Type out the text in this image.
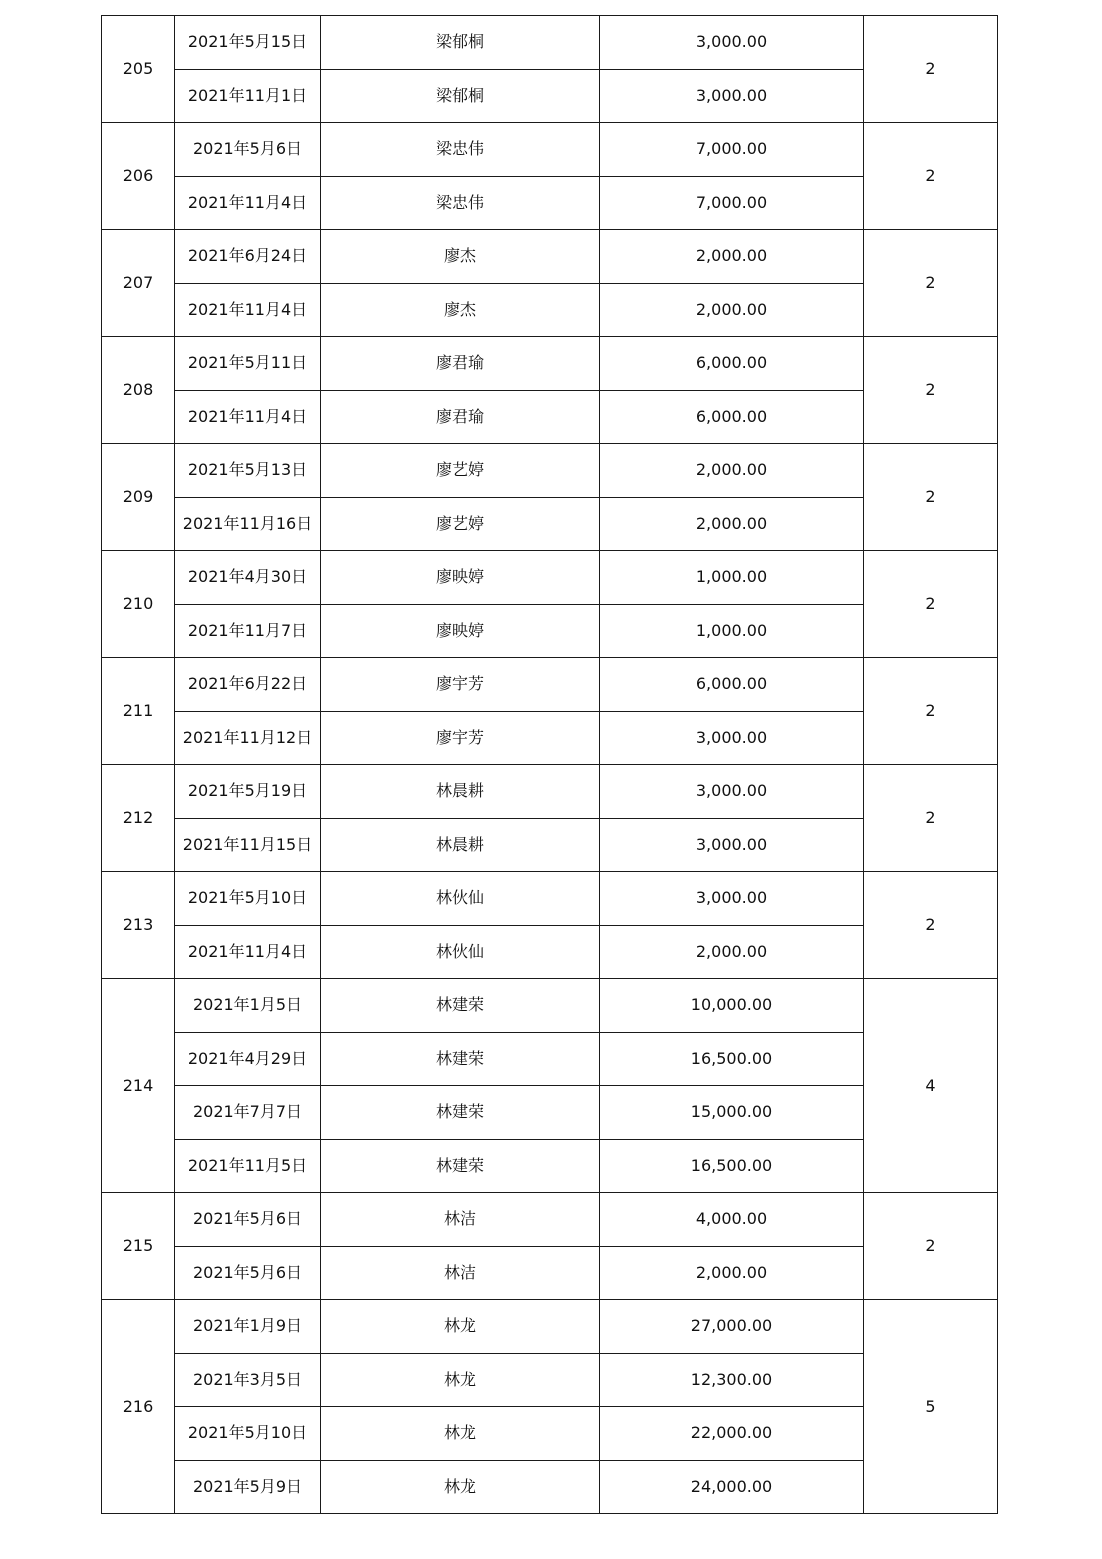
205	2021年5月15日	梁郁桐	3,000.00	2
	2021年11月1日	梁郁桐	3,000.00	
206	2021年5月6日	梁忠伟	7,000.00	2
	2021年11月4日	梁忠伟	7,000.00	
207	2021年6月24日	廖杰	2,000.00	2
	2021年11月4日	廖杰	2,000.00	
208	2021年5月11日	廖君瑜	6,000.00	2
	2021年11月4日	廖君瑜	6,000.00	
209	2021年5月13日	廖艺婷	2,000.00	2
	2021年11月16日	廖艺婷	2,000.00	
210	2021年4月30日	廖映婷	1,000.00	2
	2021年11月7日	廖映婷	1,000.00	
211	2021年6月22日	廖宇芳	6,000.00	2
	2021年11月12日	廖宇芳	3,000.00	
212	2021年5月19日	林晨耕	3,000.00	2
	2021年11月15日	林晨耕	3,000.00	
213	2021年5月10日	林伙仙	3,000.00	2
	2021年11月4日	林伙仙	2,000.00	
214	2021年1月5日	林建荣	10,000.00	4
	2021年4月29日	林建荣	16,500.00	
	2021年7月7日	林建荣	15,000.00	
	2021年11月5日	林建荣	16,500.00	
215	2021年5月6日	林洁	4,000.00	2
	2021年5月6日	林洁	2,000.00	
216	2021年1月9日	林龙	27,000.00	5
	2021年3月5日	林龙	12,300.00	
	2021年5月10日	林龙	22,000.00	
	2021年5月9日	林龙	24,000.00	
